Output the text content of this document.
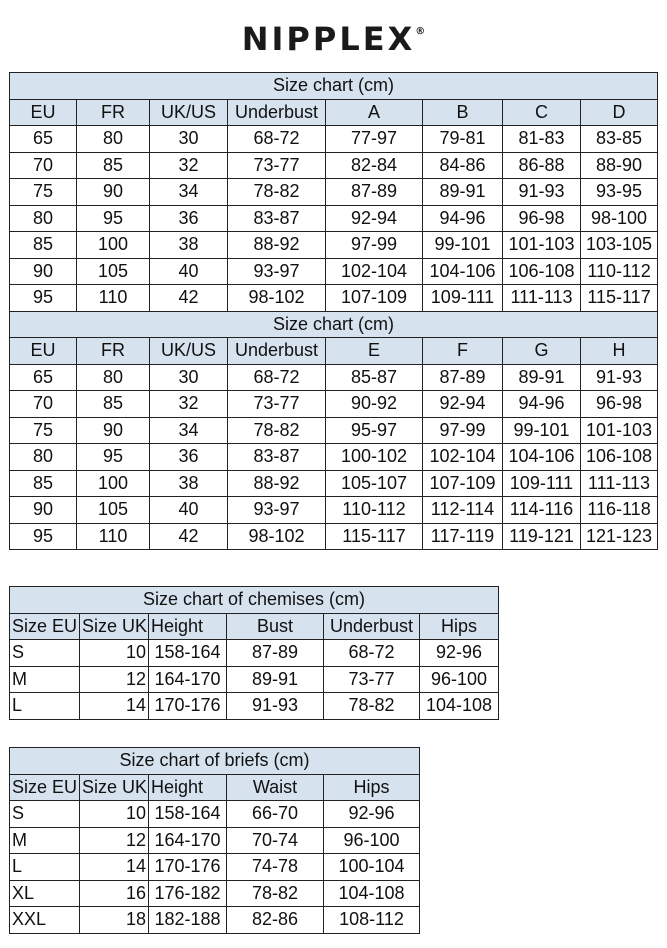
NIPPLEX®
Size chart (cm)							
EU	FR	UK/US	Underbust	A	B	C	D
65	80	30	68-72	77-97	79-81	81-83	83-85
70	85	32	73-77	82-84	84-86	86-88	88-90
75	90	34	78-82	87-89	89-91	91-93	93-95
80	95	36	83-87	92-94	94-96	96-98	98-100
85	100	38	88-92	97-99	99-101	101-103	103-105
90	105	40	93-97	102-104	104-106	106-108	110-112
95	110	42	98-102	107-109	109-111	111-113	115-117
Size chart (cm)							
EU	FR	UK/US	Underbust	E	F	G	H
65	80	30	68-72	85-87	87-89	89-91	91-93
70	85	32	73-77	90-92	92-94	94-96	96-98
75	90	34	78-82	95-97	97-99	99-101	101-103
80	95	36	83-87	100-102	102-104	104-106	106-108
85	100	38	88-92	105-107	107-109	109-111	111-113
90	105	40	93-97	110-112	112-114	114-116	116-118
95	110	42	98-102	115-117	117-119	119-121	121-123
Size chart of chemises (cm)					
Size EU	Size UK	Height	Bust	Underbust	Hips
S	10	158-164	87-89	68-72	92-96
M	12	164-170	89-91	73-77	96-100
L	14	170-176	91-93	78-82	104-108
Size chart of briefs (cm)				
Size EU	Size UK	Height	Waist	Hips
S	10	158-164	66-70	92-96
M	12	164-170	70-74	96-100
L	14	170-176	74-78	100-104
XL	16	176-182	78-82	104-108
XXL	18	182-188	82-86	108-112
